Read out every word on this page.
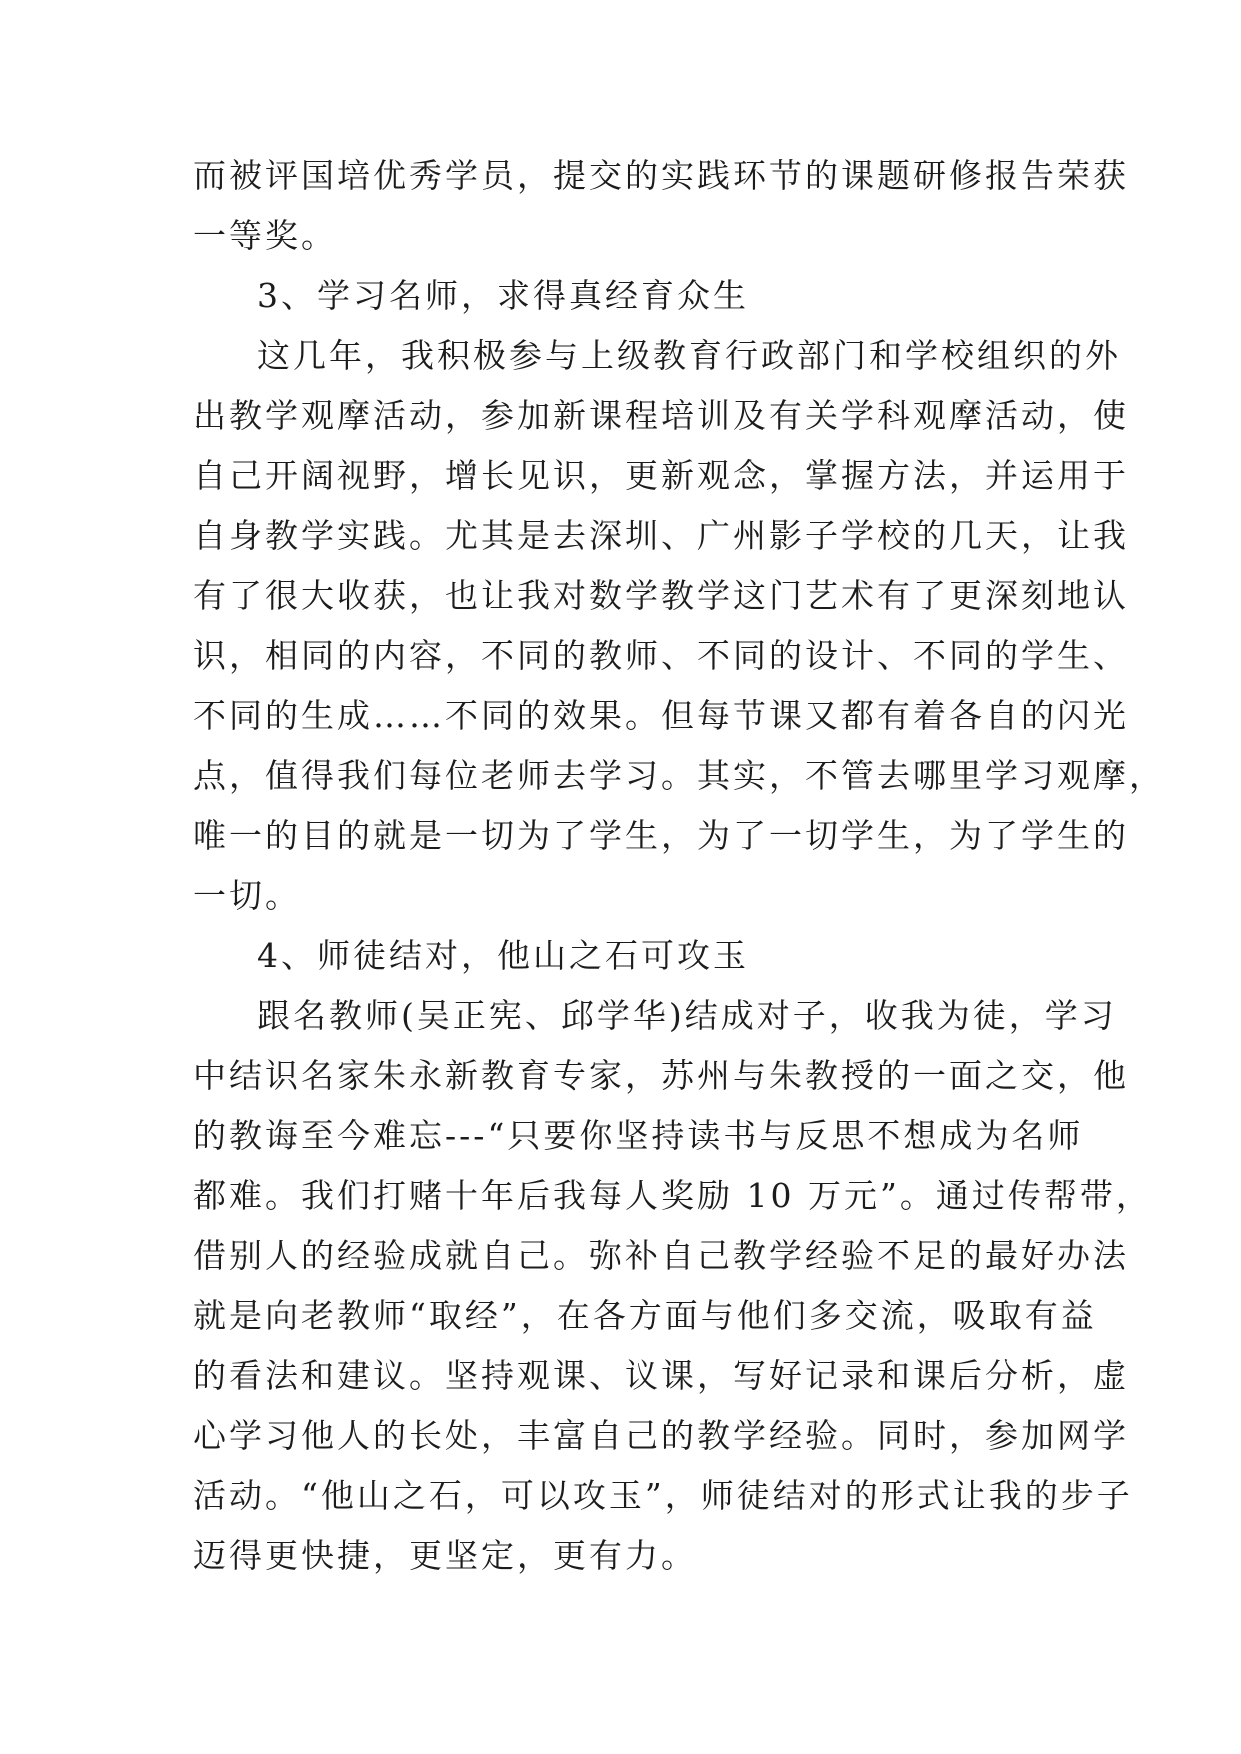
而被评国培优秀学员，提交的实践环节的课题研修报告荣获
一等奖。
3、学习名师，求得真经育众生
这几年，我积极参与上级教育行政部门和学校组织的外
出教学观摩活动，参加新课程培训及有关学科观摩活动，使
自己开阔视野，增长见识，更新观念，掌握方法，并运用于
自身教学实践。尤其是去深圳、广州影子学校的几天，让我
有了很大收获，也让我对数学教学这门艺术有了更深刻地认
识，相同的内容，不同的教师、不同的设计、不同的学生、
不同的生成……不同的效果。但每节课又都有着各自的闪光
点，值得我们每位老师去学习。其实，不管去哪里学习观摩，
唯一的目的就是一切为了学生，为了一切学生，为了学生的
一切。
4、师徒结对，他山之石可攻玉
跟名教师(吴正宪、邱学华)结成对子，收我为徒，学习
中结识名家朱永新教育专家，苏州与朱教授的一面之交，他
的教诲至今难忘---“只要你坚持读书与反思不想成为名师
都难。我们打赌十年后我每人奖励 10 万元”。通过传帮带，
借别人的经验成就自己。弥补自己教学经验不足的最好办法
就是向老教师“取经”，在各方面与他们多交流，吸取有益
的看法和建议。坚持观课、议课，写好记录和课后分析，虚
心学习他人的长处，丰富自己的教学经验。同时，参加网学
活动。“他山之石，可以攻玉”，师徒结对的形式让我的步子
迈得更快捷，更坚定，更有力。
